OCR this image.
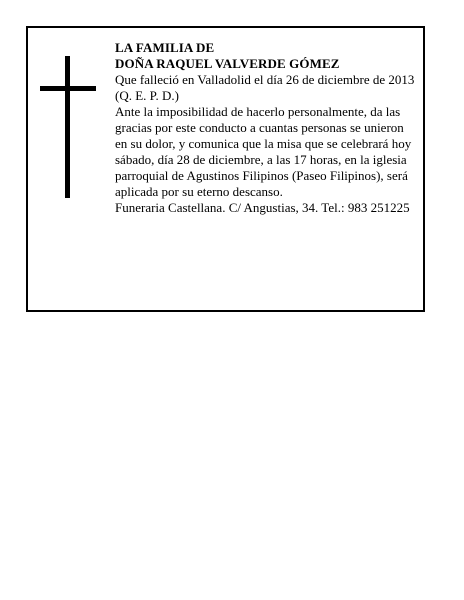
LA FAMILIA DE

DOÑA RAQUEL VALVERDE GÓMEZ

Que falleció en Valladolid el día 26 de diciembre de 2013

(Q. E. P. D.)

Ante la imposibilidad de hacerlo personalmente, da las gracias por este conducto a cuantas personas se unieron en su dolor, y comunica que la misa que se celebrará hoy sábado, día 28 de diciembre, a las 17 horas, en la iglesia parroquial de Agustinos Filipinos (Paseo Filipinos), será aplicada por su eterno descanso.

Funeraria Castellana. C/ Angustias, 34. Tel.: 983 251225
